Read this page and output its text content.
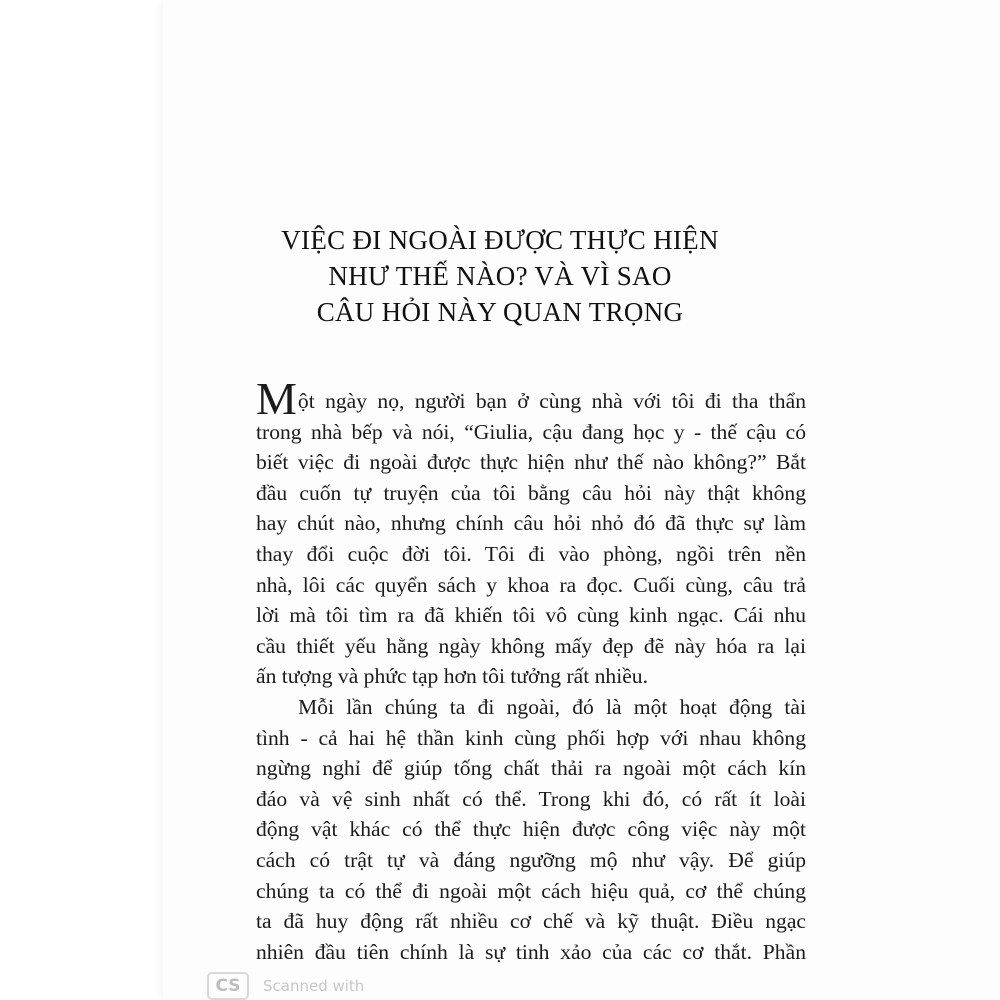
VIỆC ĐI NGOÀI ĐƯỢC THỰC HIỆN
NHƯ THẾ NÀO? VÀ VÌ SAO
CÂU HỎI NÀY QUAN TRỌNG

Một ngày nọ, người bạn ở cùng nhà với tôi đi tha thẩn
trong nhà bếp và nói, “Giulia, cậu đang học y - thế cậu có
biết việc đi ngoài được thực hiện như thế nào không?” Bắt
đầu cuốn tự truyện của tôi bằng câu hỏi này thật không
hay chút nào, nhưng chính câu hỏi nhỏ đó đã thực sự làm
thay đổi cuộc đời tôi. Tôi đi vào phòng, ngồi trên nền
nhà, lôi các quyển sách y khoa ra đọc. Cuối cùng, câu trả
lời mà tôi tìm ra đã khiến tôi vô cùng kinh ngạc. Cái nhu
cầu thiết yếu hằng ngày không mấy đẹp đẽ này hóa ra lại
ấn tượng và phức tạp hơn tôi tưởng rất nhiều.

Mỗi lần chúng ta đi ngoài, đó là một hoạt động tài
tình - cả hai hệ thần kinh cùng phối hợp với nhau không
ngừng nghỉ để giúp tống chất thải ra ngoài một cách kín
đáo và vệ sinh nhất có thể. Trong khi đó, có rất ít loài
động vật khác có thể thực hiện được công việc này một
cách có trật tự và đáng ngưỡng mộ như vậy. Để giúp
chúng ta có thể đi ngoài một cách hiệu quả, cơ thể chúng
ta đã huy động rất nhiều cơ chế và kỹ thuật. Điều ngạc
nhiên đầu tiên chính là sự tinh xảo của các cơ thắt. Phần

CS	Scanned with
